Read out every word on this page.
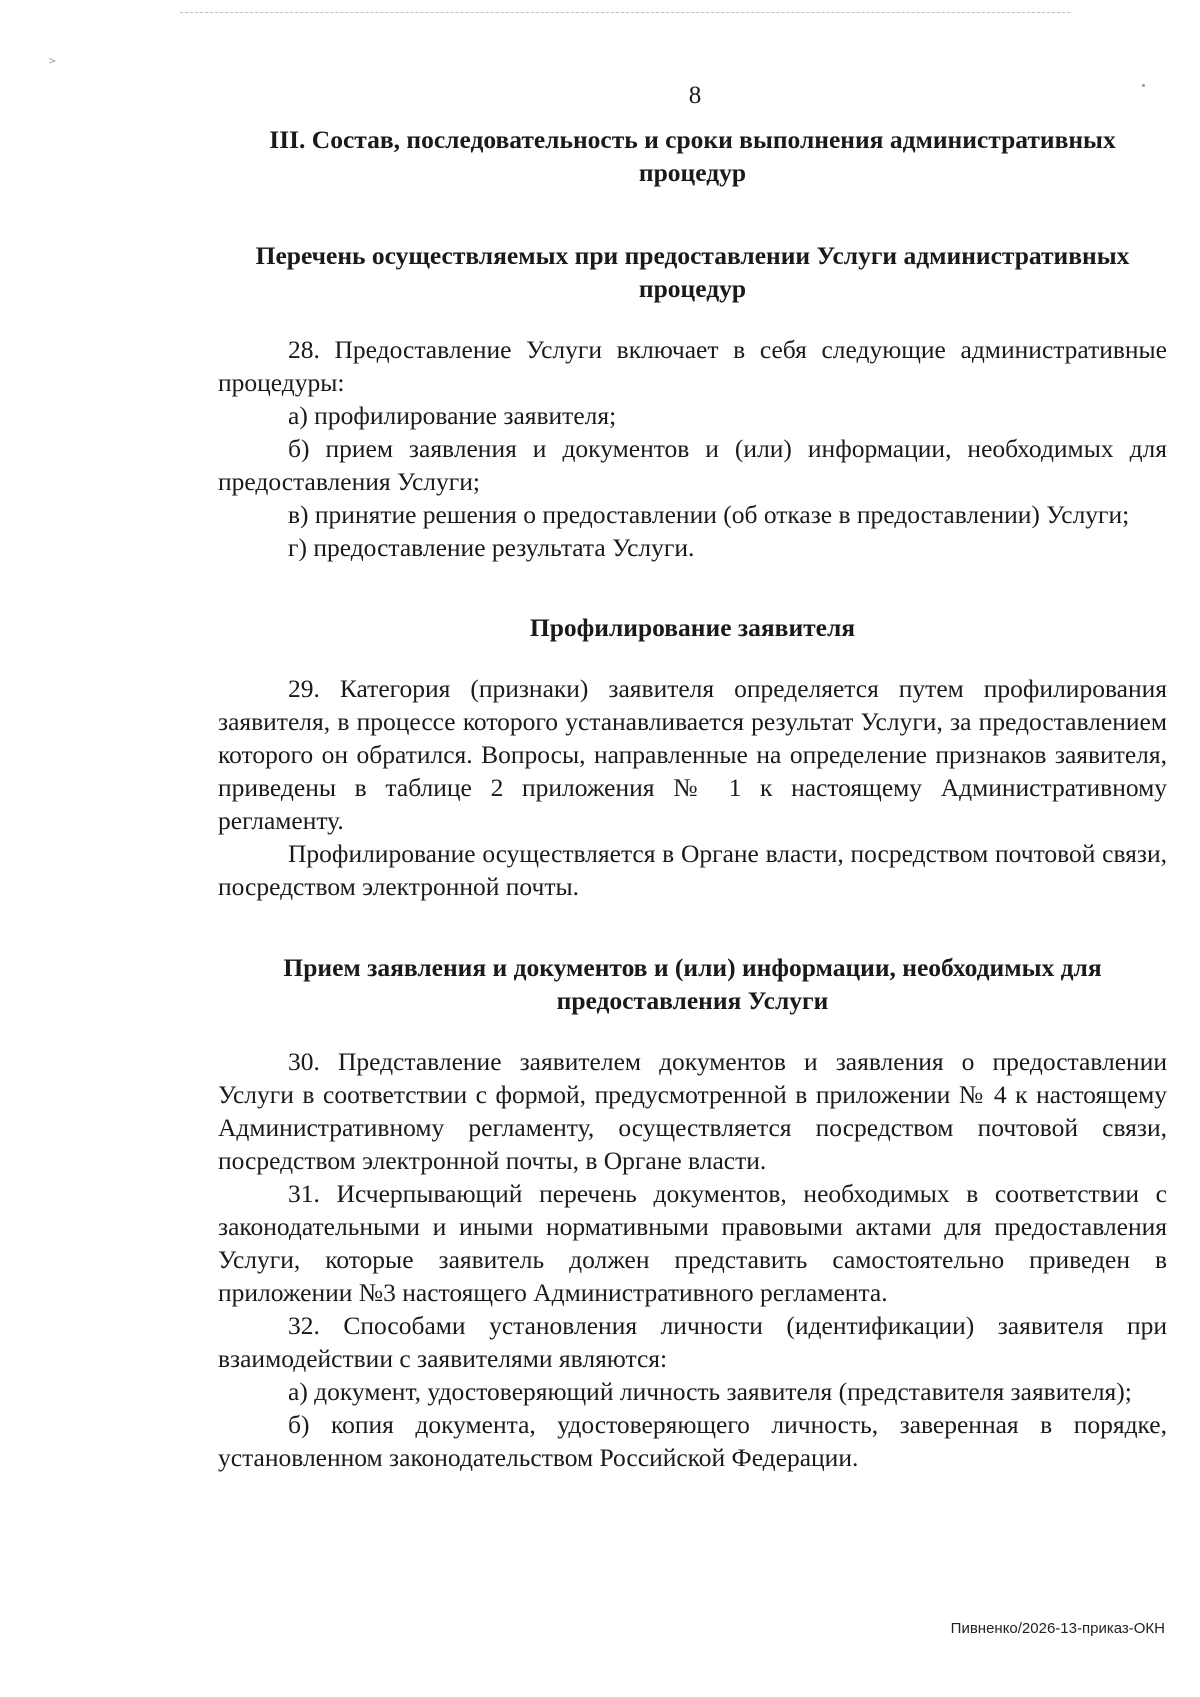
>
8

III. Состав, последовательность и сроки выполнения административных процедур

Перечень осуществляемых при предоставлении Услуги административных процедур

28. Предоставление Услуги включает в себя следующие административные процедуры:

а) профилирование заявителя;

б) прием заявления и документов и (или) информации, необходимых для предоставления Услуги;

в) принятие решения о предоставлении (об отказе в предоставлении) Услуги;

г) предоставление результата Услуги.

Профилирование заявителя

29. Категория (признаки) заявителя определяется путем профилирования заявителя, в процессе которого устанавливается результат Услуги, за предоставлением которого он обратился. Вопросы, направленные на определение признаков заявителя, приведены в таблице 2 приложения № 1 к настоящему Административному регламенту.

Профилирование осуществляется в Органе власти, посредством почтовой связи, посредством электронной почты.

Прием заявления и документов и (или) информации, необходимых для предоставления Услуги

30. Представление заявителем документов и заявления о предоставлении Услуги в соответствии с формой, предусмотренной в приложении № 4 к настоящему Административному регламенту, осуществляется посредством почтовой связи, посредством электронной почты, в Органе власти.

31. Исчерпывающий перечень документов, необходимых в соответствии с законодательными и иными нормативными правовыми актами для предоставления Услуги, которые заявитель должен представить самостоятельно приведен в приложении №3 настоящего Административного регламента.

32. Способами установления личности (идентификации) заявителя при взаимодействии с заявителями являются:

а) документ, удостоверяющий личность заявителя (представителя заявителя);

б) копия документа, удостоверяющего личность, заверенная в порядке, установленном законодательством Российской Федерации.

Пивненко/2026-13-приказ-ОКН
